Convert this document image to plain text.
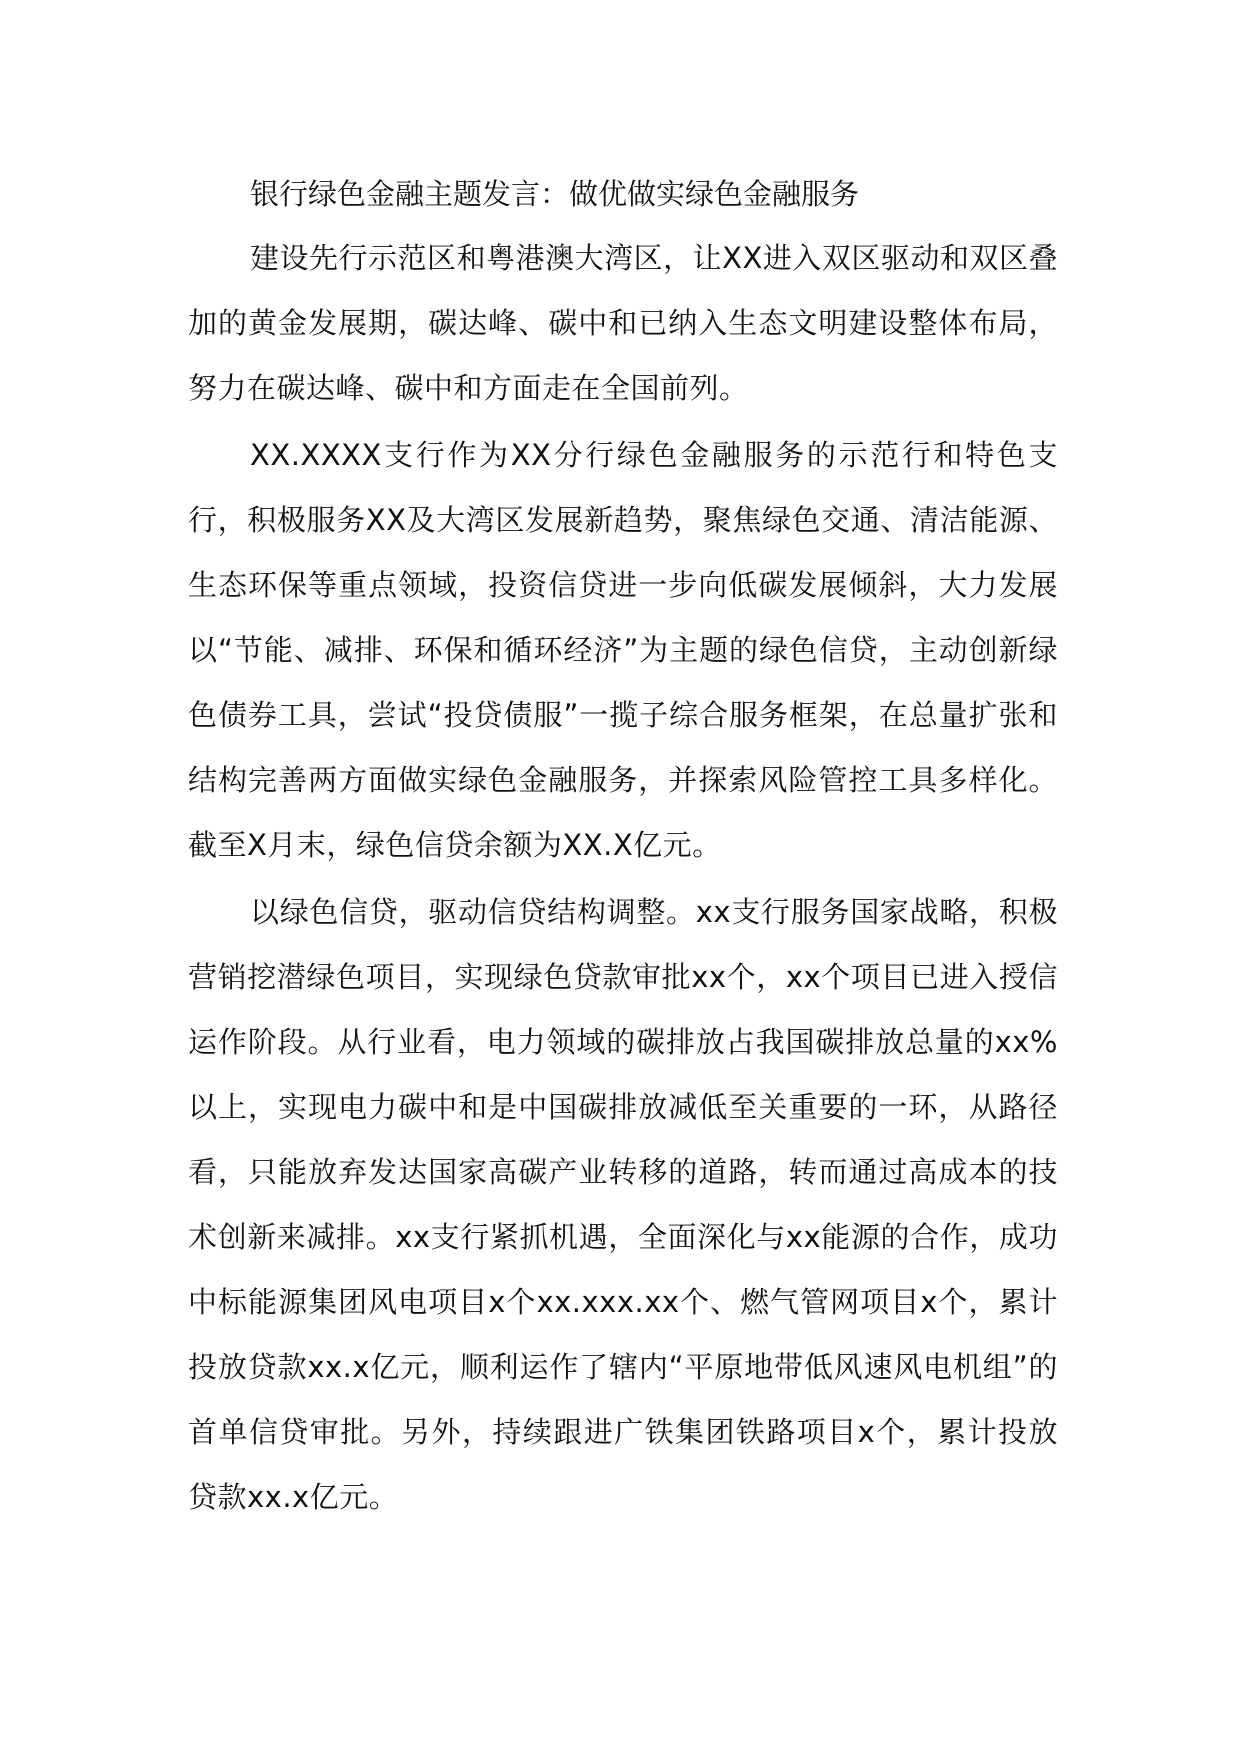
银行绿色金融主题发言：做优做实绿色金融服务

建设先行示范区和粤港澳大湾区，让XX进入双区驱动和双区叠加的黄金发展期，碳达峰、碳中和已纳入生态文明建设整体布局，努力在碳达峰、碳中和方面走在全国前列。

XX.XXXX支行作为XX分行绿色金融服务的示范行和特色支行，积极服务XX及大湾区发展新趋势，聚焦绿色交通、清洁能源、生态环保等重点领域，投资信贷进一步向低碳发展倾斜，大力发展以“节能、减排、环保和循环经济”为主题的绿色信贷，主动创新绿色债券工具，尝试“投贷债服”一揽子综合服务框架，在总量扩张和结构完善两方面做实绿色金融服务，并探索风险管控工具多样化。截至X月末，绿色信贷余额为XX.X亿元。

以绿色信贷，驱动信贷结构调整。xx支行服务国家战略，积极营销挖潜绿色项目，实现绿色贷款审批xx个，xx个项目已进入授信运作阶段。从行业看，电力领域的碳排放占我国碳排放总量的xx%以上，实现电力碳中和是中国碳排放减低至关重要的一环，从路径看，只能放弃发达国家高碳产业转移的道路，转而通过高成本的技术创新来减排。xx支行紧抓机遇，全面深化与xx能源的合作，成功中标能源集团风电项目x个xx.xxx.xx个、燃气管网项目x个，累计投放贷款xx.x亿元，顺利运作了辖内“平原地带低风速风电机组”的首单信贷审批。另外，持续跟进广铁集团铁路项目x个，累计投放贷款xx.x亿元。
